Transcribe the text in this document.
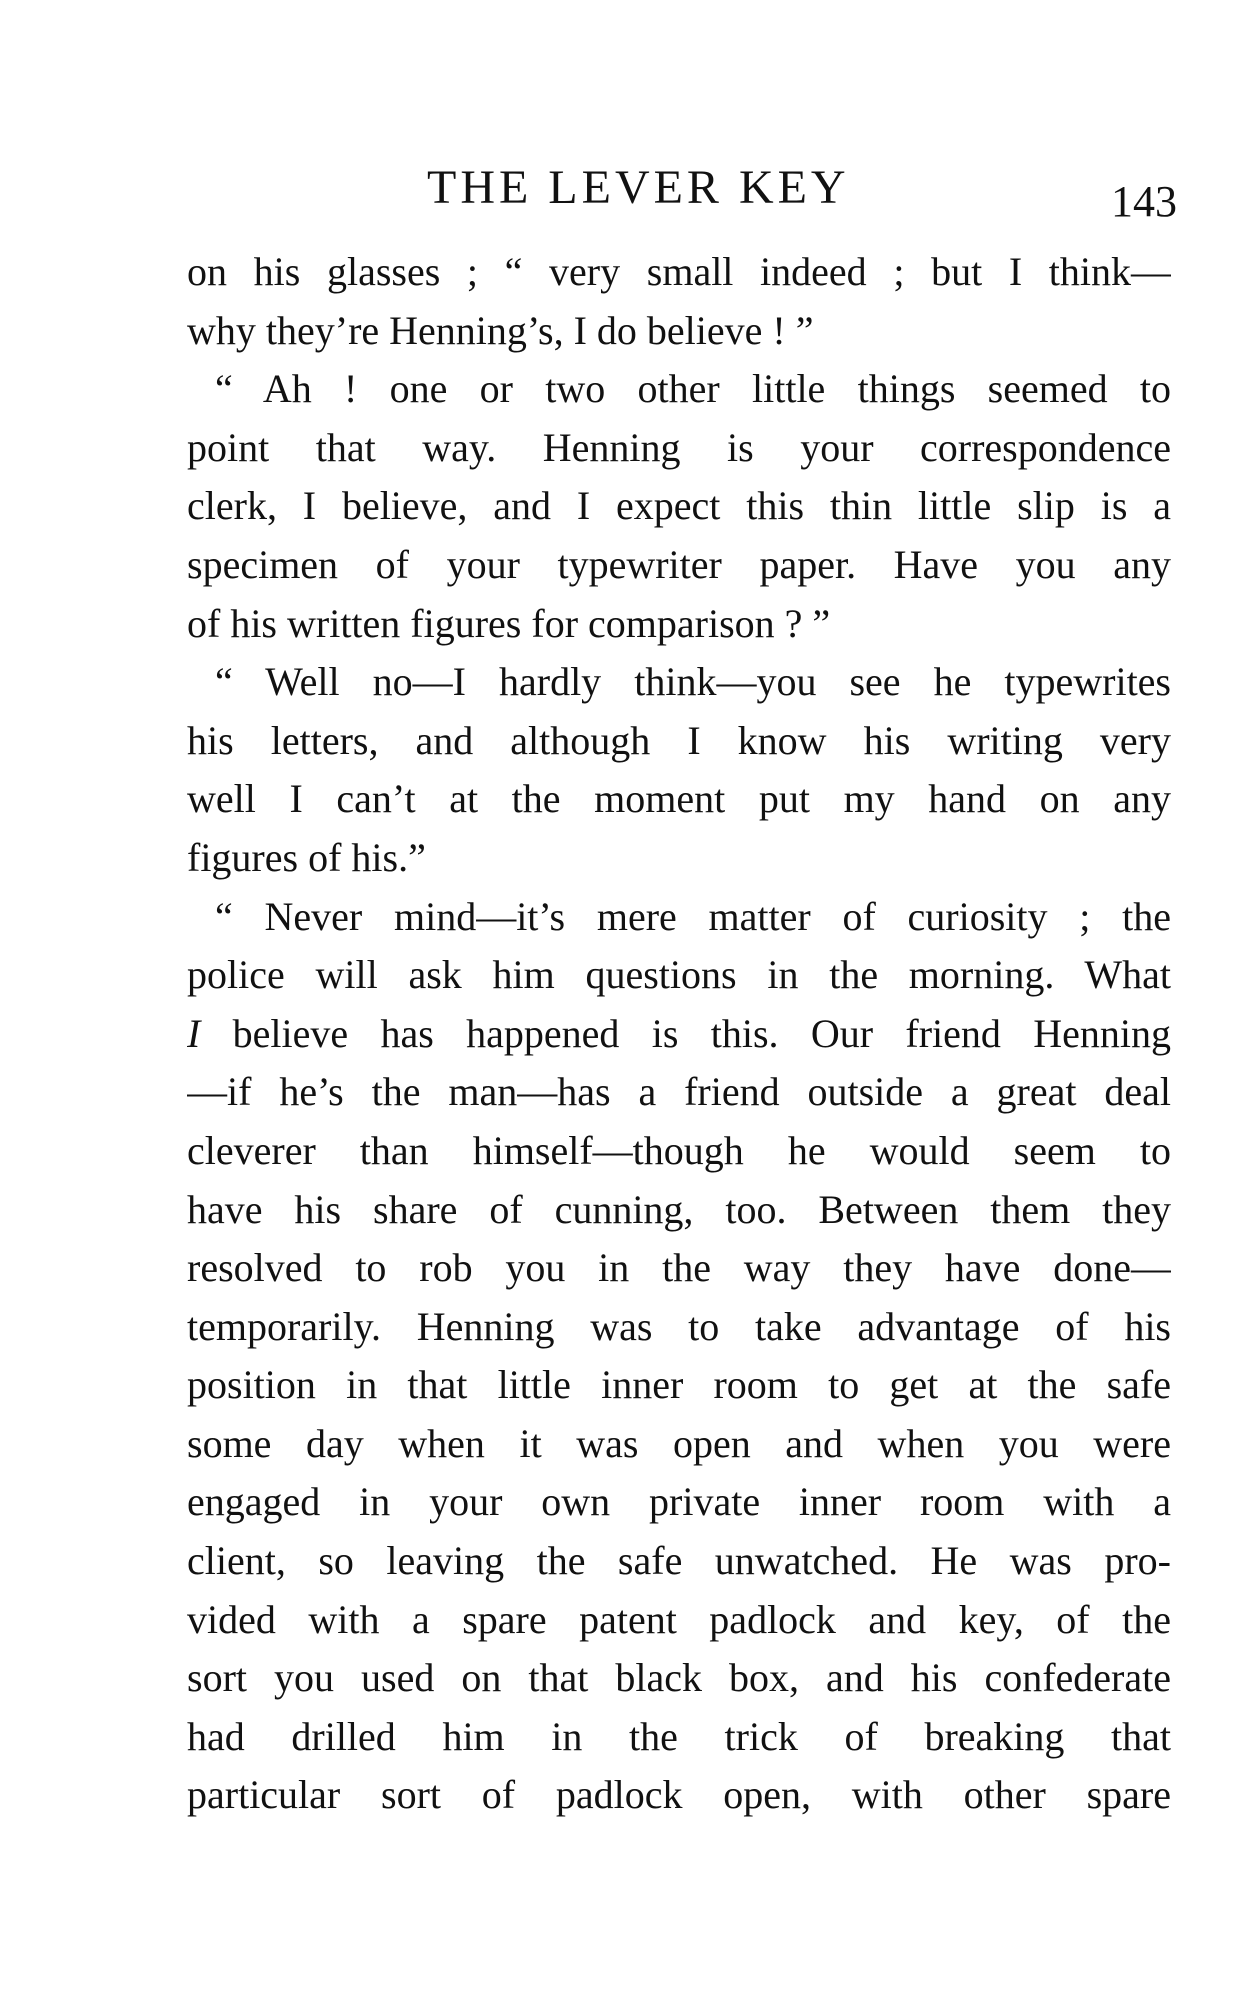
THE LEVER KEY	143
on his glasses ; “ very small indeed ; but I think—
why they’re Henning’s, I do believe ! ”
“ Ah ! one or two other little things seemed to
point that way. Henning is your correspondence
clerk, I believe, and I expect this thin little slip is a
specimen of your typewriter paper. Have you any
of his written figures for comparison ? ”
“ Well no—I hardly think—you see he typewrites
his letters, and although I know his writing very
well I can’t at the moment put my hand on any
figures of his.”
“ Never mind—it’s mere matter of curiosity ; the
police will ask him questions in the morning. What
I believe has happened is this. Our friend Henning
—if he’s the man—has a friend outside a great deal
cleverer than himself—though he would seem to
have his share of cunning, too. Between them they
resolved to rob you in the way they have done—
temporarily. Henning was to take advantage of his
position in that little inner room to get at the safe
some day when it was open and when you were
engaged in your own private inner room with a
client, so leaving the safe unwatched. He was pro-
vided with a spare patent padlock and key, of the
sort you used on that black box, and his confederate
had drilled him in the trick of breaking that
particular sort of padlock open, with other spare
